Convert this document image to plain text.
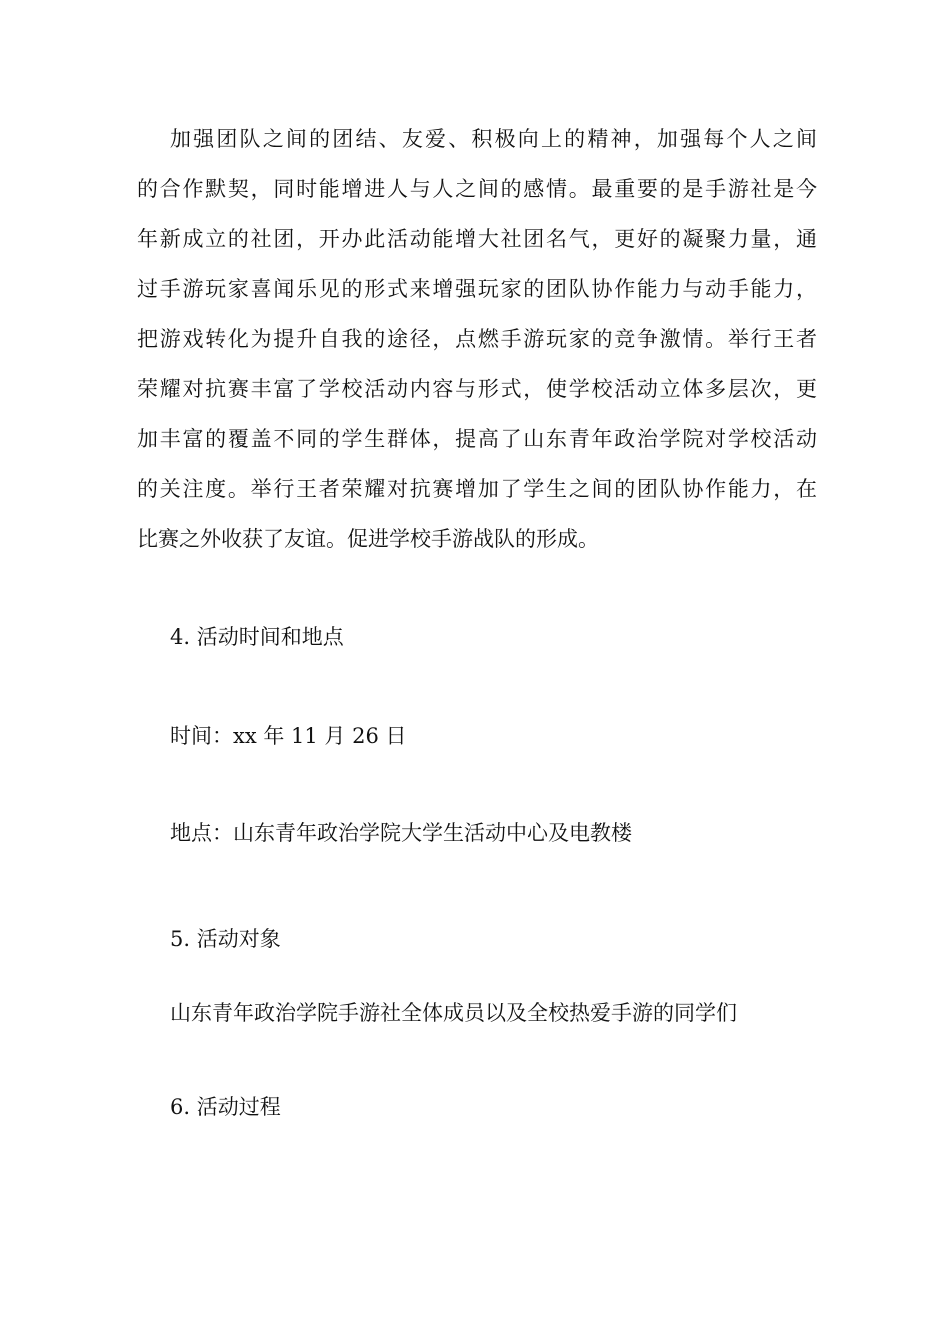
加强团队之间的团结、友爱、积极向上的精神，加强每个人之间
的合作默契，同时能增进人与人之间的感情。最重要的是手游社是今
年新成立的社团，开办此活动能增大社团名气，更好的凝聚力量，通
过手游玩家喜闻乐见的形式来增强玩家的团队协作能力与动手能力，
把游戏转化为提升自我的途径，点燃手游玩家的竞争激情。举行王者
荣耀对抗赛丰富了学校活动内容与形式，使学校活动立体多层次，更
加丰富的覆盖不同的学生群体，提高了山东青年政治学院对学校活动
的关注度。举行王者荣耀对抗赛增加了学生之间的团队协作能力，在
比赛之外收获了友谊。促进学校手游战队的形成。
4. 活动时间和地点
时间：xx 年 11 月 26 日
地点：山东青年政治学院大学生活动中心及电教楼
5. 活动对象
山东青年政治学院手游社全体成员以及全校热爱手游的同学们
6. 活动过程
